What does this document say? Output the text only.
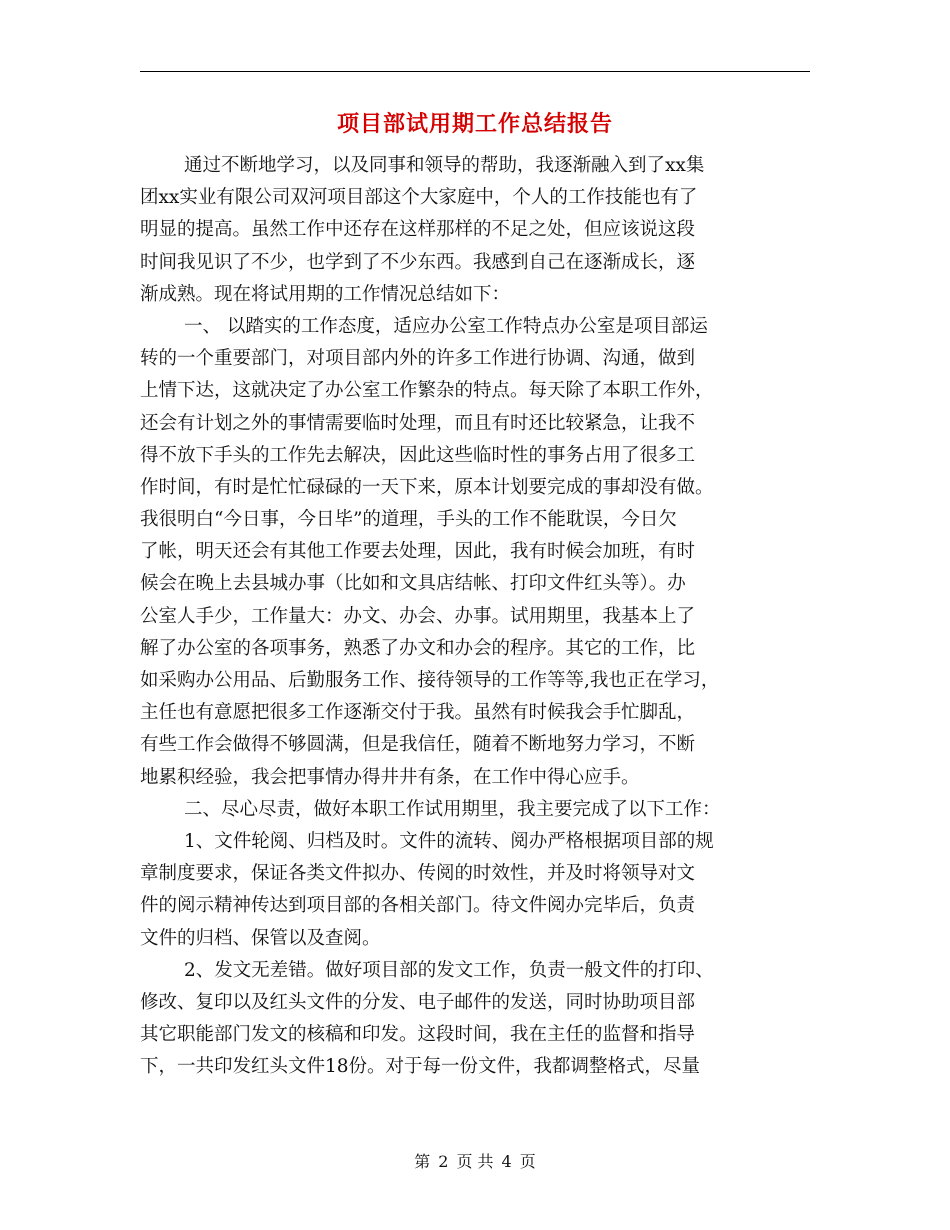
项目部试用期工作总结报告
通过不断地学习，以及同事和领导的帮助，我逐渐融入到了xx集
团xx实业有限公司双河项目部这个大家庭中，个人的工作技能也有了
明显的提高。虽然工作中还存在这样那样的不足之处，但应该说这段
时间我见识了不少，也学到了不少东西。我感到自己在逐渐成长，逐
渐成熟。现在将试用期的工作情况总结如下：
一、 以踏实的工作态度，适应办公室工作特点办公室是项目部运
转的一个重要部门，对项目部内外的许多工作进行协调、沟通，做到
上情下达，这就决定了办公室工作繁杂的特点。每天除了本职工作外，
还会有计划之外的事情需要临时处理，而且有时还比较紧急，让我不
得不放下手头的工作先去解决，因此这些临时性的事务占用了很多工
作时间，有时是忙忙碌碌的一天下来，原本计划要完成的事却没有做。
我很明白“今日事，今日毕”的道理，手头的工作不能耽误，今日欠
了帐，明天还会有其他工作要去处理，因此，我有时候会加班，有时
候会在晚上去县城办事（比如和文具店结帐、打印文件红头等）。办
公室人手少，工作量大：办文、办会、办事。试用期里，我基本上了
解了办公室的各项事务，熟悉了办文和办会的程序。其它的工作，比
如采购办公用品、后勤服务工作、接待领导的工作等等,我也正在学习，
主任也有意愿把很多工作逐渐交付于我。虽然有时候我会手忙脚乱，
有些工作会做得不够圆满，但是我信任，随着不断地努力学习，不断
地累积经验，我会把事情办得井井有条，在工作中得心应手。
二、尽心尽责，做好本职工作试用期里，我主要完成了以下工作：
1、文件轮阅、归档及时。文件的流转、阅办严格根据项目部的规
章制度要求，保证各类文件拟办、传阅的时效性，并及时将领导对文
件的阅示精神传达到项目部的各相关部门。待文件阅办完毕后，负责
文件的归档、保管以及查阅。
2、发文无差错。做好项目部的发文工作，负责一般文件的打印、
修改、复印以及红头文件的分发、电子邮件的发送，同时协助项目部
其它职能部门发文的核稿和印发。这段时间，我在主任的监督和指导
下，一共印发红头文件18份。对于每一份文件，我都调整格式，尽量
第 2 页 共 4 页
